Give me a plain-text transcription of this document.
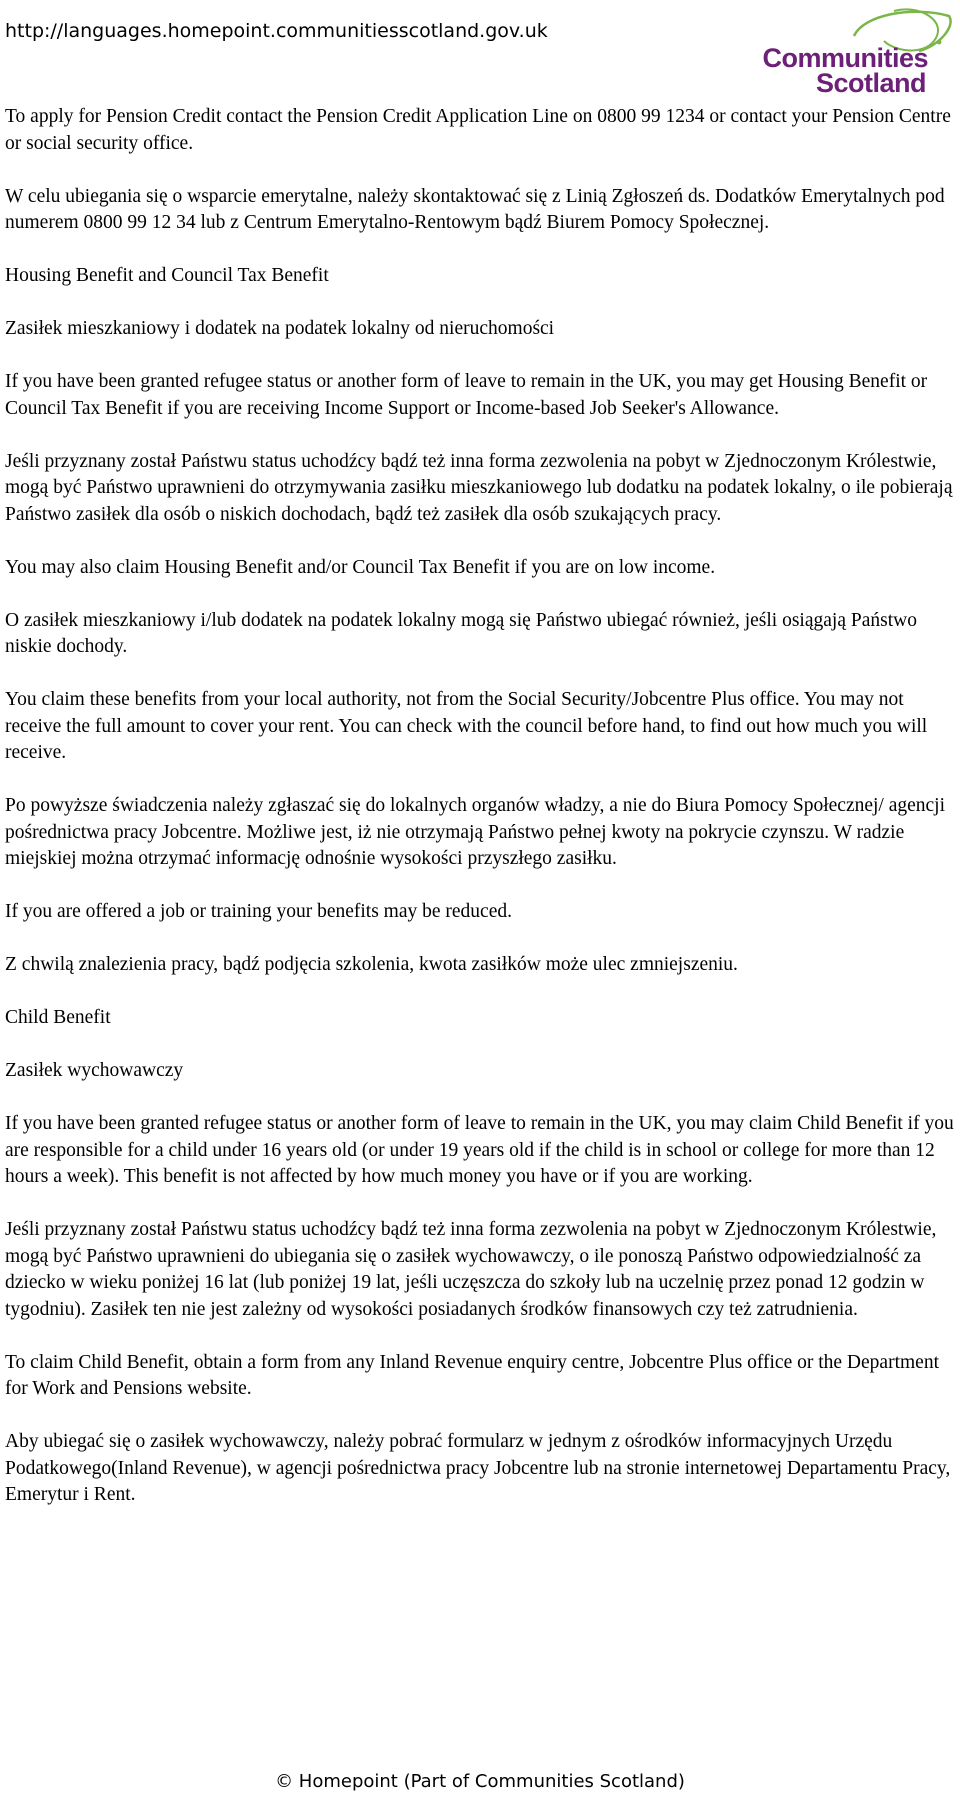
http://languages.homepoint.communitiesscotland.gov.uk
Communities
Scotland

To apply for Pension Credit contact the Pension Credit Application Line on 0800 99 1234 or contact your Pension Centre or social security office.

W celu ubiegania się o wsparcie emerytalne, należy skontaktować się z Linią Zgłoszeń ds. Dodatków Emerytalnych pod numerem 0800 99 12 34 lub z Centrum Emerytalno-Rentowym bądź Biurem Pomocy Społecznej.

Housing Benefit and Council Tax Benefit

Zasiłek mieszkaniowy i dodatek na podatek lokalny od nieruchomości

If you have been granted refugee status or another form of leave to remain in the UK, you may get Housing Benefit or Council Tax Benefit if you are receiving Income Support or Income-based Job Seeker's Allowance.

Jeśli przyznany został Państwu status uchodźcy bądź też inna forma zezwolenia na pobyt w Zjednoczonym Królestwie, mogą być Państwo uprawnieni do otrzymywania zasiłku mieszkaniowego lub dodatku na podatek lokalny, o ile pobierają Państwo zasiłek dla osób o niskich dochodach, bądź też zasiłek dla osób szukających pracy.

You may also claim Housing Benefit and/or Council Tax Benefit if you are on low income.

O zasiłek mieszkaniowy i/lub dodatek na podatek lokalny mogą się Państwo ubiegać również, jeśli osiągają Państwo niskie dochody.

You claim these benefits from your local authority, not from the Social Security/Jobcentre Plus office. You may not receive the full amount to cover your rent. You can check with the council before hand, to find out how much you will receive.

Po powyższe świadczenia należy zgłaszać się do lokalnych organów władzy, a nie do Biura Pomocy Społecznej/ agencji pośrednictwa pracy Jobcentre. Możliwe jest, iż nie otrzymają Państwo pełnej kwoty na pokrycie czynszu. W radzie miejskiej można otrzymać informację odnośnie wysokości przyszłego zasiłku.

If you are offered a job or training your benefits may be reduced.

Z chwilą znalezienia pracy, bądź podjęcia szkolenia, kwota zasiłków może ulec zmniejszeniu.

Child Benefit

Zasiłek wychowawczy

If you have been granted refugee status or another form of leave to remain in the UK, you may claim Child Benefit if you are responsible for a child under 16 years old (or under 19 years old if the child is in school or college for more than 12 hours a week). This benefit is not affected by how much money you have or if you are working.

Jeśli przyznany został Państwu status uchodźcy bądź też inna forma zezwolenia na pobyt w Zjednoczonym Królestwie, mogą być Państwo uprawnieni do ubiegania się o zasiłek wychowawczy, o ile ponoszą Państwo odpowiedzialność za dziecko w wieku poniżej 16 lat (lub poniżej 19 lat, jeśli uczęszcza do szkoły lub na uczelnię przez ponad 12 godzin w tygodniu). Zasiłek ten nie jest zależny od wysokości posiadanych środków finansowych czy też zatrudnienia.

To claim Child Benefit, obtain a form from any Inland Revenue enquiry centre, Jobcentre Plus office or the Department for Work and Pensions website.

Aby ubiegać się o zasiłek wychowawczy, należy pobrać formularz w jednym z ośrodków informacyjnych Urzędu Podatkowego(Inland Revenue), w agencji pośrednictwa pracy Jobcentre lub na stronie internetowej Departamentu Pracy, Emerytur i Rent.

© Homepoint (Part of Communities Scotland)
